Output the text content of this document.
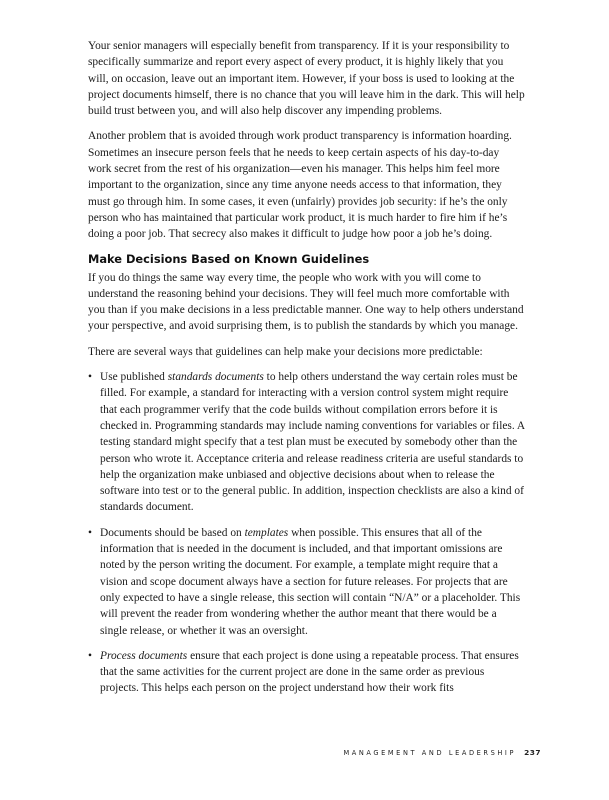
Your senior managers will especially benefit from transparency. If it is your responsibility to specifically summarize and report every aspect of every product, it is highly likely that you will, on occasion, leave out an important item. However, if your boss is used to looking at the project documents himself, there is no chance that you will leave him in the dark. This will help build trust between you, and will also help discover any impending problems.

Another problem that is avoided through work product transparency is information hoarding. Sometimes an insecure person feels that he needs to keep certain aspects of his day-to-day work secret from the rest of his organization—even his manager. This helps him feel more important to the organization, since any time anyone needs access to that information, they must go through him. In some cases, it even (unfairly) provides job security: if he’s the only person who has maintained that particular work product, it is much harder to fire him if he’s doing a poor job. That secrecy also makes it difficult to judge how poor a job he’s doing.

Make Decisions Based on Known Guidelines

If you do things the same way every time, the people who work with you will come to understand the reasoning behind your decisions. They will feel much more comfortable with you than if you make decisions in a less predictable manner. One way to help others understand your perspective, and avoid surprising them, is to publish the standards by which you manage.

There are several ways that guidelines can help make your decisions more predictable:

• Use published standards documents to help others understand the way certain roles must be filled. For example, a standard for interacting with a version control system might require that each programmer verify that the code builds without compilation errors before it is checked in. Programming standards may include naming conventions for variables or files. A testing standard might specify that a test plan must be executed by somebody other than the person who wrote it. Acceptance criteria and release readiness criteria are useful standards to help the organization make unbiased and objective decisions about when to release the software into test or to the general public. In addition, inspection checklists are also a kind of standards document.
• Documents should be based on templates when possible. This ensures that all of the information that is needed in the document is included, and that important omissions are noted by the person writing the document. For example, a template might require that a vision and scope document always have a section for future releases. For projects that are only expected to have a single release, this section will contain “N/A” or a placeholder. This will prevent the reader from wondering whether the author meant that there would be a single release, or whether it was an oversight.
• Process documents ensure that each project is done using a repeatable process. That ensures that the same activities for the current project are done in the same order as previous projects. This helps each person on the project understand how their work fits
MANAGEMENT AND LEADERSHIP 237
